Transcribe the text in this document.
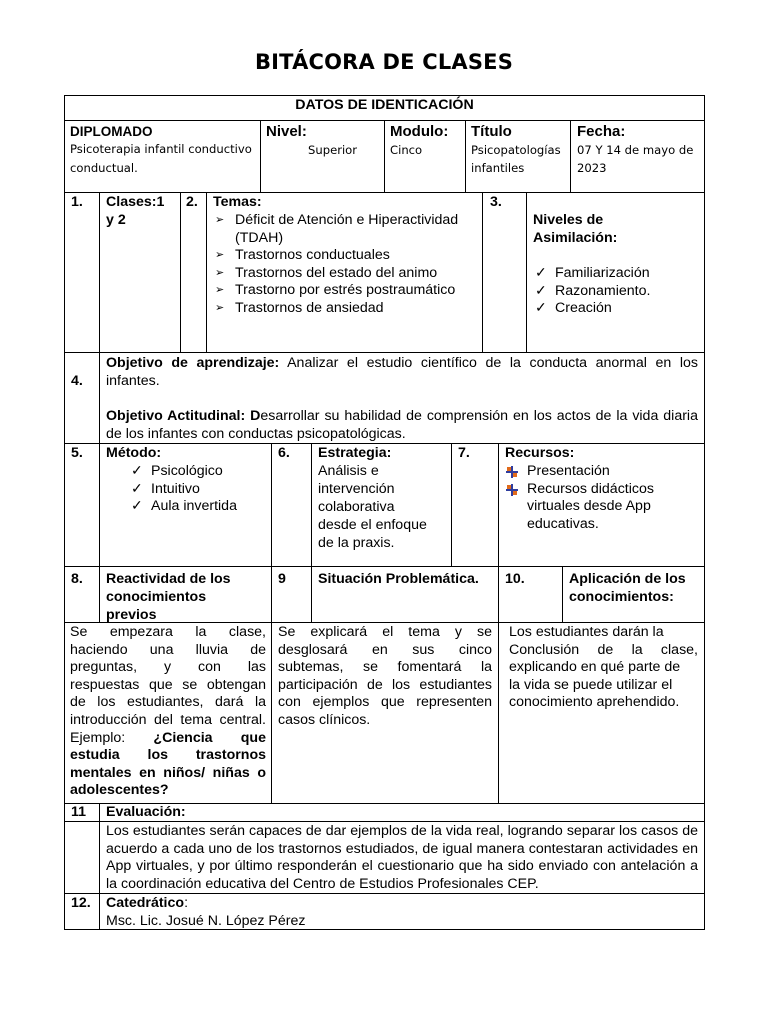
BITÁCORA DE CLASES
DATOS DE IDENTICACIÓN
DIPLOMADO
Psicoterapia infantil conductivo
conductual.
Nivel:
Superior
Modulo:
Cinco
Título
Psicopatologías
infantiles
Fecha:
07 Y 14 de mayo de
2023
1. Clases:1
y 2
2. Temas:
➢ Déficit de Atención e Hiperactividad
(TDAH)
➢ Trastornos conductuales
➢ Trastornos del estado del animo
➢ Trastorno por estrés postraumático
➢ Trastornos de ansiedad
3.
Niveles de
Asimilación:
✓ Familiarización
✓ Razonamiento.
✓ Creación
4.
Objetivo de aprendizaje: Analizar el estudio científico de la conducta anormal en los infantes.
Objetivo Actitudinal: Desarrollar su habilidad de comprensión en los actos de la vida diaria de los infantes con conductas psicopatológicas.
5. Método:
✓ Psicológico
✓ Intuitivo
✓ Aula invertida
6. Estrategia:
Análisis e
intervención
colaborativa
desde el enfoque
de la praxis.
7. Recursos:
Presentación
Recursos didácticos
virtuales desde App
educativas.
8. Reactividad de los
conocimientos
previos
9 Situación Problemática. 10.	Aplicación de los
conocimientos:
Se empezara la clase,
haciendo una lluvia de
preguntas, y con las
respuestas que se obtengan
de los estudiantes, dará la
introducción del tema central.
Ejemplo: ¿Ciencia que
estudia los trastornos
mentales en niños/ niñas o
adolescentes?
Se explicará el tema y se
desglosará en sus cinco
subtemas, se fomentará la
participación de los estudiantes
con ejemplos que representen
casos clínicos.
Los estudiantes darán la
Conclusión de la clase,
explicando en qué parte de
la vida se puede utilizar el
conocimiento aprehendido.
11 Evaluación:
Los estudiantes serán capaces de dar ejemplos de la vida real, logrando separar los casos de acuerdo a cada uno de los trastornos estudiados, de igual manera contestaran actividades en App virtuales, y por último responderán el cuestionario que ha sido enviado con antelación a la coordinación educativa del Centro de Estudios Profesionales CEP.
12. Catedrático:
Msc. Lic. Josué N. López Pérez
